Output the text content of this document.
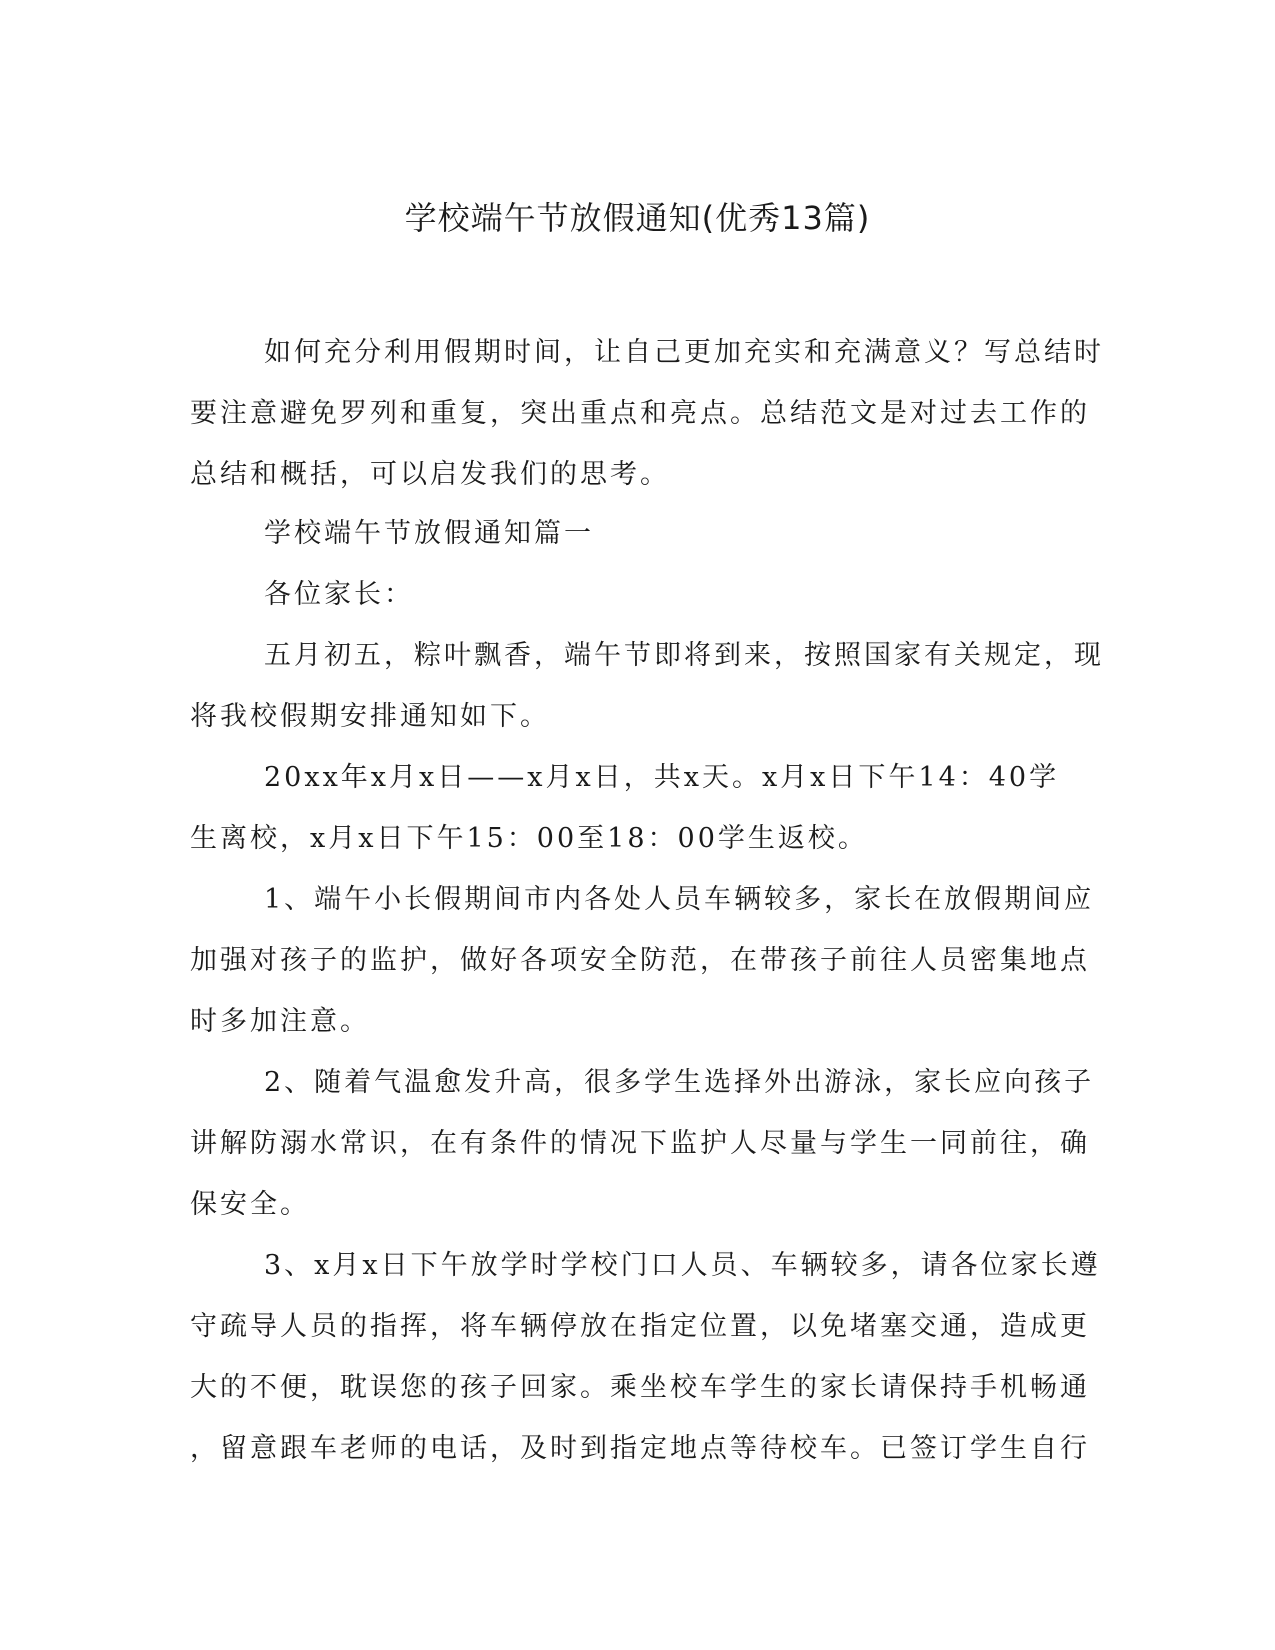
学校端午节放假通知(优秀13篇)

如何充分利用假期时间，让自己更加充实和充满意义？写总结时
要注意避免罗列和重复，突出重点和亮点。总结范文是对过去工作的
总结和概括，可以启发我们的思考。

学校端午节放假通知篇一

各位家长：

五月初五，粽叶飘香，端午节即将到来，按照国家有关规定，现
将我校假期安排通知如下。

20xx年x月x日——x月x日，共x天。x月x日下午14：40学
生离校，x月x日下午15：00至18：00学生返校。

1、端午小长假期间市内各处人员车辆较多，家长在放假期间应
加强对孩子的监护，做好各项安全防范，在带孩子前往人员密集地点
时多加注意。

2、随着气温愈发升高，很多学生选择外出游泳，家长应向孩子
讲解防溺水常识，在有条件的情况下监护人尽量与学生一同前往，确
保安全。

3、x月x日下午放学时学校门口人员、车辆较多，请各位家长遵
守疏导人员的指挥，将车辆停放在指定位置，以免堵塞交通，造成更
大的不便，耽误您的孩子回家。乘坐校车学生的家长请保持手机畅通
，留意跟车老师的电话，及时到指定地点等待校车。已签订学生自行
